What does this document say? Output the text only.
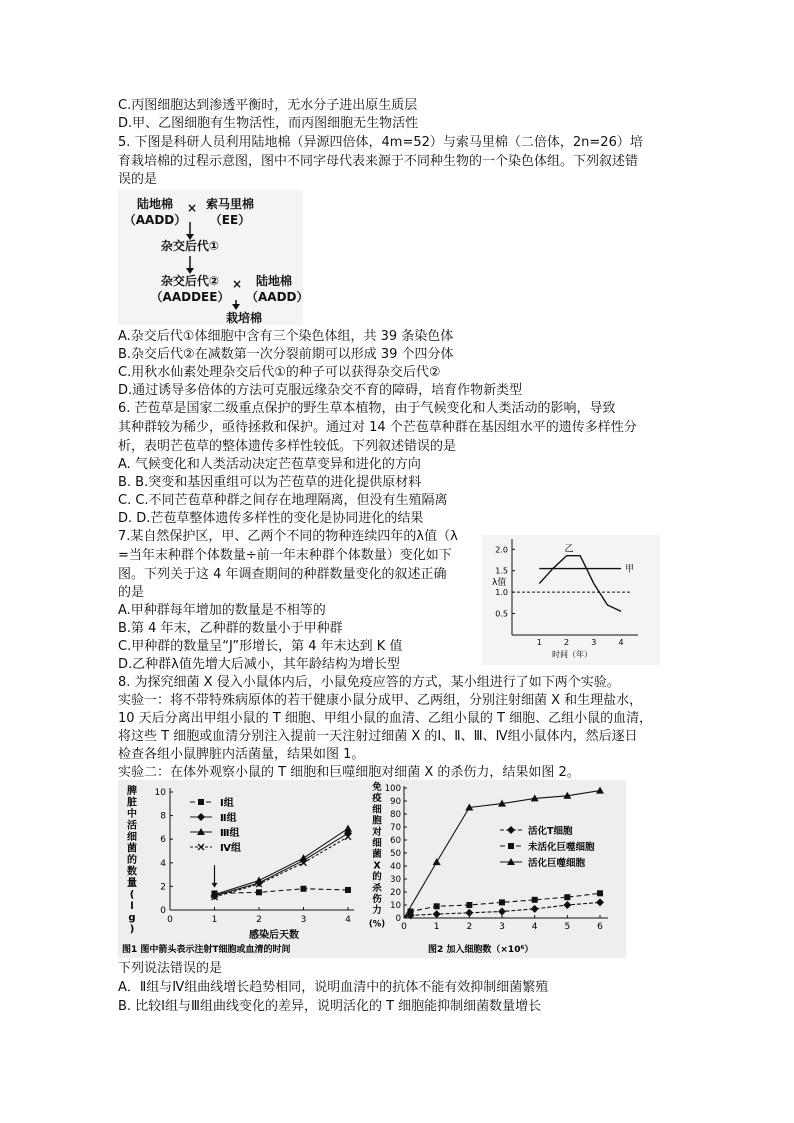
C.丙图细胞达到渗透平衡时，无水分子进出原生质层
D.甲、乙图细胞有生物活性，而丙图细胞无生物活性
5. 下图是科研人员利用陆地棉（异源四倍体，4m=52）与索马里棉（二倍体，2n=26）培
育栽培棉的过程示意图，图中不同字母代表来源于不同种生物的一个染色体组。下列叙述错
误的是
陆地棉
（AADD）
× 索马里棉
（EE）
杂交后代①
杂交后代②
（AADDEE）
×	陆地棉
（AADD）
栽培棉
A.杂交后代①体细胞中含有三个染色体组，共 39 条染色体
B.杂交后代②在减数第一次分裂前期可以形成 39 个四分体
C.用秋水仙素处理杂交后代①的种子可以获得杂交后代②
D.通过诱导多倍体的方法可克服远缘杂交不育的障碍，培育作物新类型
6. 芒苞草是国家二级重点保护的野生草本植物，由于气候变化和人类活动的影响，导致
其种群较为稀少，亟待拯救和保护。通过对 14 个芒苞草种群在基因组水平的遗传多样性分
析，表明芒苞草的整体遗传多样性较低。下列叙述错误的是
A. 气候变化和人类活动决定芒苞草变异和进化的方向
B. B.突变和基因重组可以为芒苞草的进化提供原材料
C. C.不同芒苞草种群之间存在地理隔离，但没有生殖隔离
D. D.芒苞草整体遗传多样性的变化是协同进化的结果
7.某自然保护区，甲、乙两个不同的物种连续四年的λ值（λ
=当年末种群个体数量÷前一年末种群个体数量）变化如下
图。下列关于这 4 年调查期间的种群数量变化的叙述正确
的是
A.甲种群每年增加的数量是不相等的
B.第 4 年末，乙种群的数量小于甲种群
C.甲种群的数量呈“J”形增长，第 4 年末达到 K 值
D.乙种群λ值先增大后减小，其年龄结构为增长型
0.5
1.0
1.5
2.0
1	2	3	4
λ值
时间（年）
甲
乙
8. 为探究细菌 X 侵入小鼠体内后，小鼠免疫应答的方式，某小组进行了如下两个实验。
实验一：将不带特殊病原体的若干健康小鼠分成甲、乙两组，分别注射细菌 X 和生理盐水，
10 天后分离出甲组小鼠的 T 细胞、甲组小鼠的血清、乙组小鼠的 T 细胞、乙组小鼠的血清，
将这些 T 细胞或血清分别注入提前一天注射过细菌 X 的Ⅰ、Ⅱ、Ⅲ、Ⅳ组小鼠体内，然后逐日
检查各组小鼠脾脏内活菌量，结果如图 1。
实验二：在体外观察小鼠的 T 细胞和巨噬细胞对细菌 X 的杀伤力，结果如图 2。
0
2
4
6
8
10
0	1	2	3	4
脾
脏
中
活
细
菌
的
数
量
(
l
g
)
感染后天数
图1 图中箭头表示注射T细胞或血清的时间
Ⅰ组
Ⅱ组
Ⅲ组
Ⅳ组
0
10
20
30
40
50
60
70
80
90
100
0	1	2	3	4	5	6
免
疫
细
胞
对
细
菌
X
的
杀
伤
力
(%)
图2 加入细胞数（×10⁶）
活化T细胞
未活化巨噬细胞
活化巨噬细胞
下列说法错误的是
A．Ⅱ组与Ⅳ组曲线增长趋势相同，说明血清中的抗体不能有效抑制细菌繁殖
B. 比较Ⅰ组与Ⅲ组曲线变化的差异，说明活化的 T 细胞能抑制细菌数量增长
